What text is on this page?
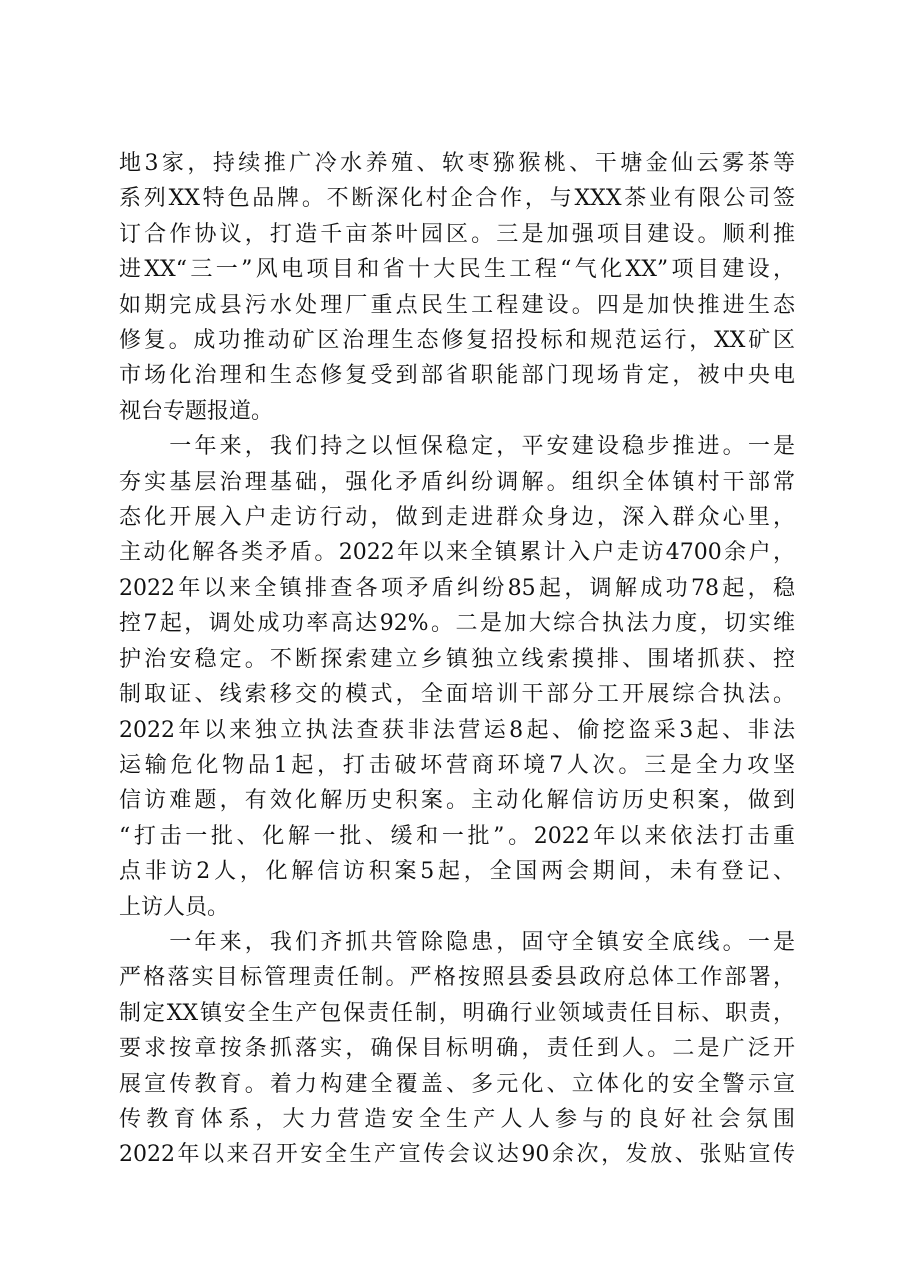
地3家，持续推广冷水养殖、软枣猕猴桃、干塘金仙云雾茶等
系列XX特色品牌。不断深化村企合作，与XXX茶业有限公司签
订合作协议，打造千亩茶叶园区。三是加强项目建设。顺利推
进XX“三一”风电项目和省十大民生工程“气化XX”项目建设，
如期完成县污水处理厂重点民生工程建设。四是加快推进生态
修复。成功推动矿区治理生态修复招投标和规范运行，XX矿区
市场化治理和生态修复受到部省职能部门现场肯定，被中央电
视台专题报道。
　　一年来，我们持之以恒保稳定，平安建设稳步推进。一是
夯实基层治理基础，强化矛盾纠纷调解。组织全体镇村干部常
态化开展入户走访行动，做到走进群众身边，深入群众心里，
主动化解各类矛盾。2022年以来全镇累计入户走访4700余户，
2022年以来全镇排查各项矛盾纠纷85起，调解成功78起，稳
控7起，调处成功率高达92%。二是加大综合执法力度，切实维
护治安稳定。不断探索建立乡镇独立线索摸排、围堵抓获、控
制取证、线索移交的模式，全面培训干部分工开展综合执法。
2022年以来独立执法查获非法营运8起、偷挖盗采3起、非法
运输危化物品1起，打击破坏营商环境7人次。三是全力攻坚
信访难题，有效化解历史积案。主动化解信访历史积案，做到
“打击一批、化解一批、缓和一批”。2022年以来依法打击重
点非访2人，化解信访积案5起，全国两会期间，未有登记、
上访人员。
　　一年来，我们齐抓共管除隐患，固守全镇安全底线。一是
严格落实目标管理责任制。严格按照县委县政府总体工作部署，
制定XX镇安全生产包保责任制，明确行业领域责任目标、职责，
要求按章按条抓落实，确保目标明确，责任到人。二是广泛开
展宣传教育。着力构建全覆盖、多元化、立体化的安全警示宣
传教育体系，大力营造安全生产人人参与的良好社会氛围
2022年以来召开安全生产宣传会议达90余次，发放、张贴宣传
